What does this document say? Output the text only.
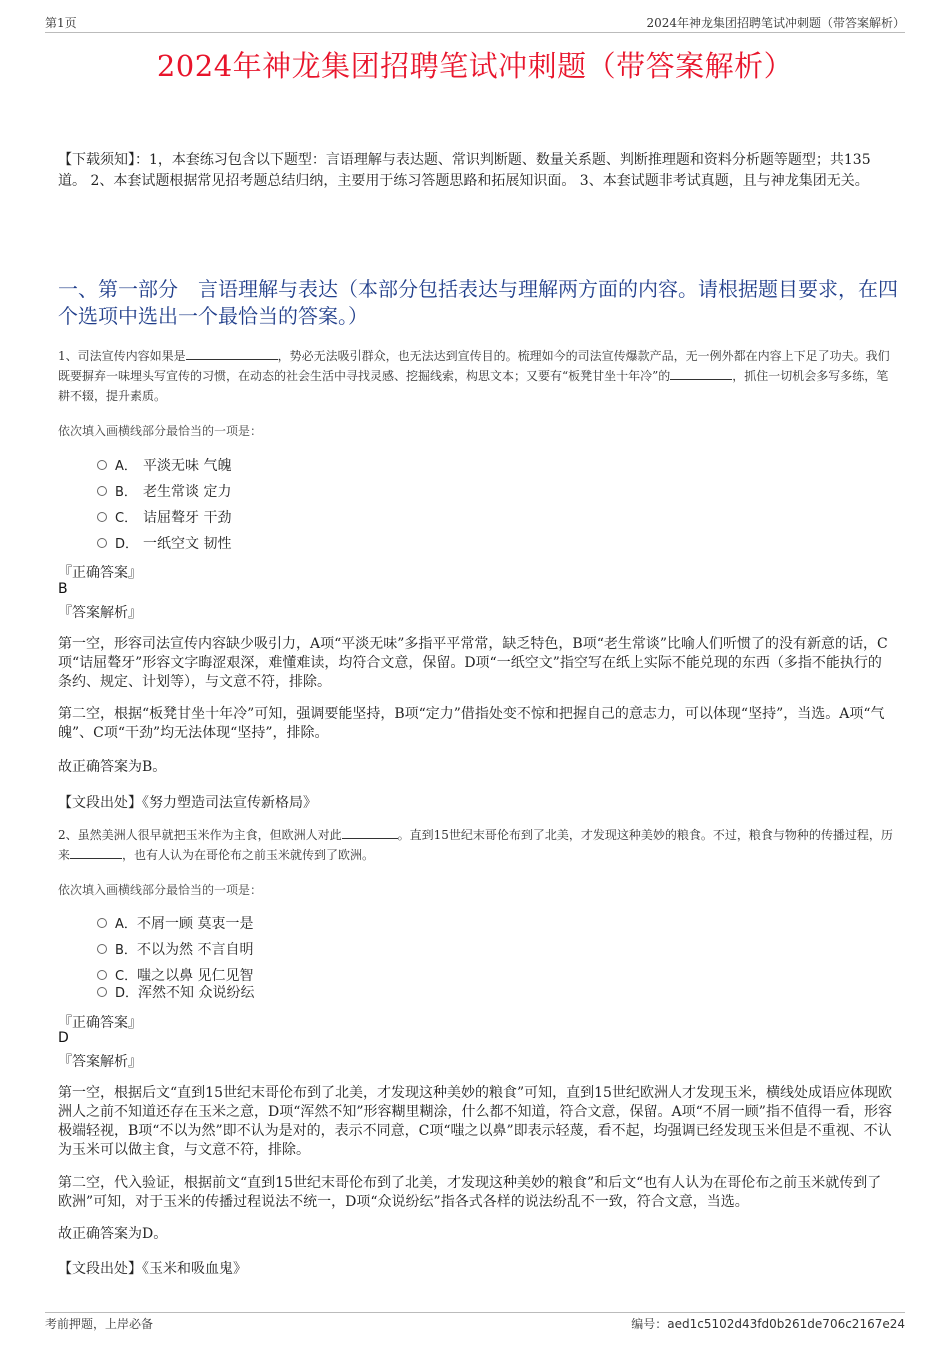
第1页	2024年神龙集团招聘笔试冲刺题（带答案解析）
2024年神龙集团招聘笔试冲刺题（带答案解析）
【下载须知】：1，本套练习包含以下题型：言语理解与表达题、常识判断题、数量关系题、判断推理题和资料分析题等题型；共135道。 2、本套试题根据常见招考题总结归纳，主要用于练习答题思路和拓展知识面。 3、本套试题非考试真题，且与神龙集团无关。
一、第一部分　言语理解与表达（本部分包括表达与理解两方面的内容。请根据题目要求，在四个选项中选出一个最恰当的答案。）
1、司法宣传内容如果是	，势必无法吸引群众，也无法达到宣传目的。梳理如今的司法宣传爆款产品，无一例外都在内容上下足了功夫。我们既要摒弃一味埋头写宣传的习惯，在动态的社会生活中寻找灵感、挖掘线索，构思文本；又要有“板凳甘坐十年冷”的	，抓住一切机会多写多练，笔耕不辍，提升素质。
依次填入画横线部分最恰当的一项是：
A． 平淡无味 气魄
B． 老生常谈 定力
C． 诘屈聱牙 干劲
D． 一纸空文 韧性
『正确答案』
B
『答案解析』
第一空，形容司法宣传内容缺少吸引力，A项“平淡无味”多指平平常常，缺乏特色，B项“老生常谈”比喻人们听惯了的没有新意的话，C项“诘屈聱牙”形容文字晦涩艰深，难懂难读，均符合文意，保留。D项“一纸空文”指空写在纸上实际不能兑现的东西（多指不能执行的条约、规定、计划等），与文意不符，排除。
第二空，根据“板凳甘坐十年冷”可知，强调要能坚持，B项“定力”借指处变不惊和把握自己的意志力，可以体现“坚持”，当选。A项“气魄”、C项“干劲”均无法体现“坚持”，排除。
故正确答案为B。
【文段出处】《努力塑造司法宣传新格局》
2、虽然美洲人很早就把玉米作为主食，但欧洲人对此	。直到15世纪末哥伦布到了北美，才发现这种美妙的粮食。不过，粮食与物种的传播过程，历来	，也有人认为在哥伦布之前玉米就传到了欧洲。
依次填入画横线部分最恰当的一项是：
A．不屑一顾 莫衷一是
B．不以为然 不言自明
C．嗤之以鼻 见仁见智
D．浑然不知 众说纷纭
『正确答案』
D
『答案解析』
第一空，根据后文“直到15世纪末哥伦布到了北美，才发现这种美妙的粮食”可知，直到15世纪欧洲人才发现玉米，横线处成语应体现欧洲人之前不知道还存在玉米之意，D项“浑然不知”形容糊里糊涂，什么都不知道，符合文意，保留。A项“不屑一顾”指不值得一看，形容极端轻视，B项“不以为然”即不认为是对的，表示不同意，C项“嗤之以鼻”即表示轻蔑，看不起，均强调已经发现玉米但是不重视、不认为玉米可以做主食，与文意不符，排除。
第二空，代入验证，根据前文“直到15世纪末哥伦布到了北美，才发现这种美妙的粮食”和后文“也有人认为在哥伦布之前玉米就传到了欧洲”可知，对于玉米的传播过程说法不统一，D项“众说纷纭”指各式各样的说法纷乱不一致，符合文意，当选。
故正确答案为D。
【文段出处】《玉米和吸血鬼》
考前押题，上岸必备	编号：aed1c5102d43fd0b261de706c2167e24
